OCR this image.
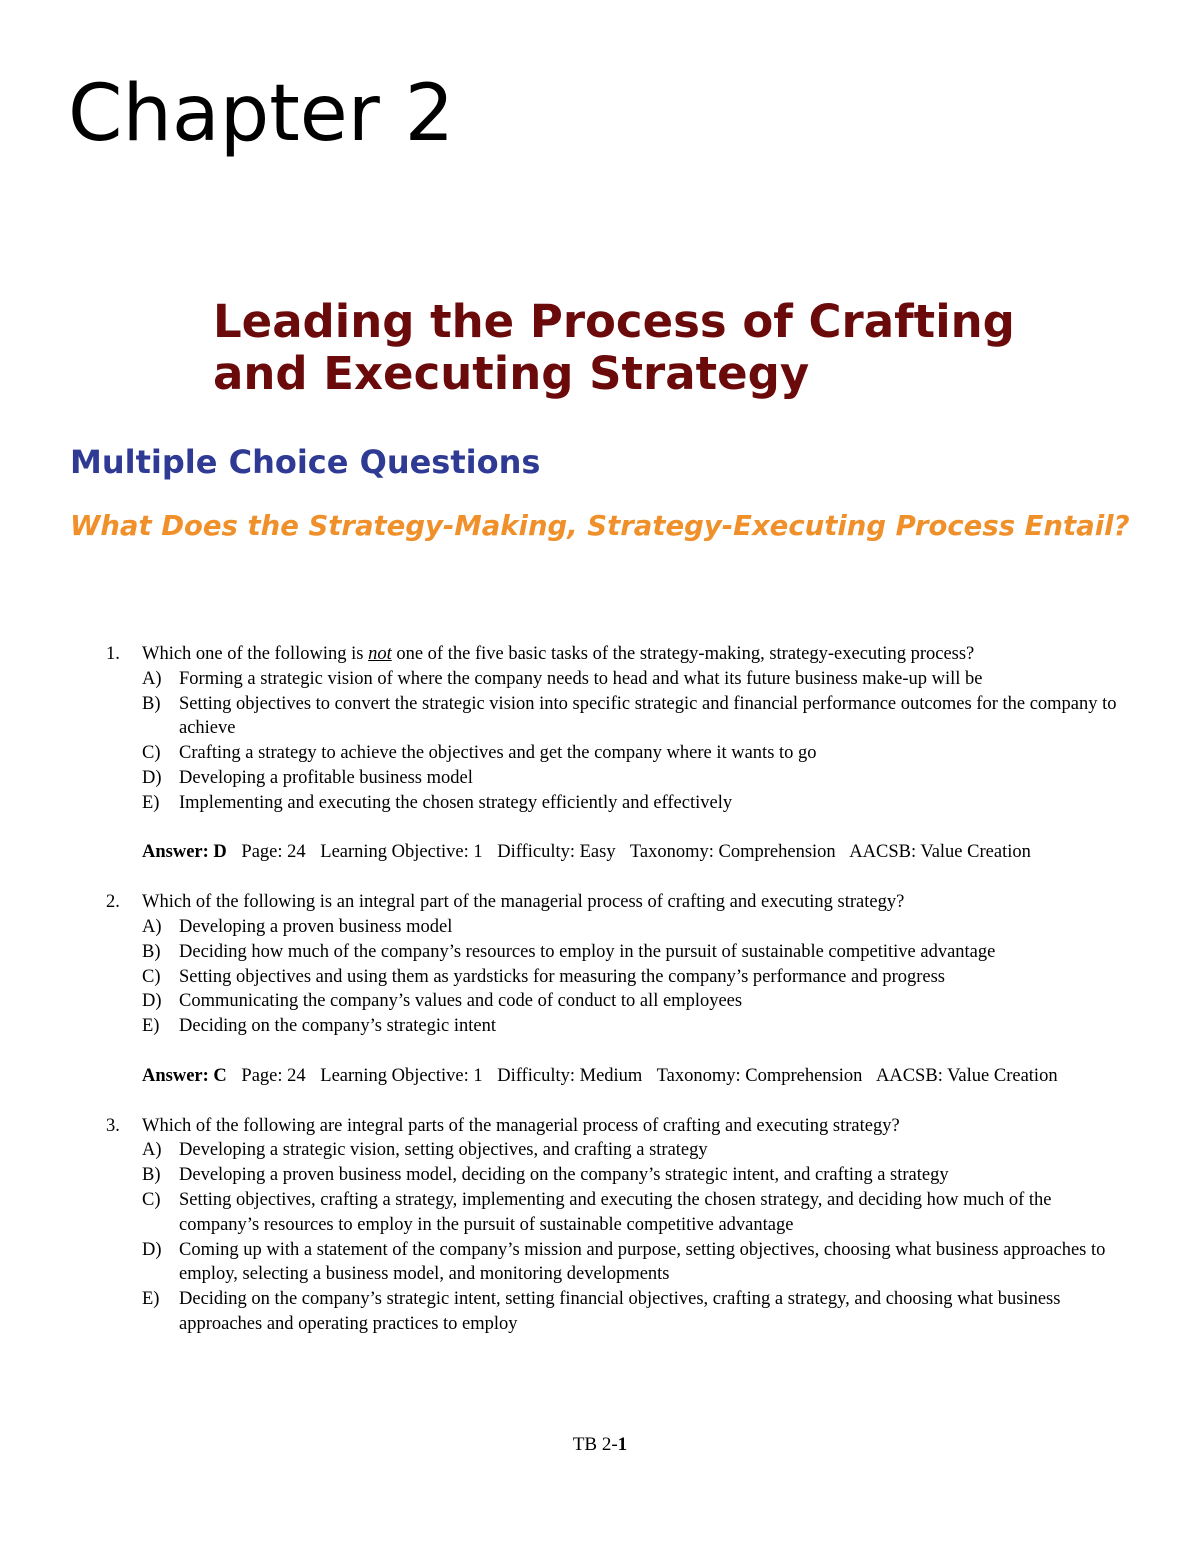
Chapter 2
Leading the Process of Crafting
and Executing Strategy
Multiple Choice Questions
What Does the Strategy-Making, Strategy-Executing Process Entail?
1.	Which one of the following is not one of the five basic tasks of the strategy-making, strategy-executing process?
A) Forming a strategic vision of where the company needs to head and what its future business make-up will be
B)	Setting objectives to convert the strategic vision into specific strategic and financial performance outcomes for the company to achieve
C)	Crafting a strategy to achieve the objectives and get the company where it wants to go
D) Developing a profitable business model
E)	Implementing and executing the chosen strategy efficiently and effectively
Answer: D Page: 24 Learning Objective: 1 Difficulty: Easy Taxonomy: Comprehension AACSB: Value Creation
2.	Which of the following is an integral part of the managerial process of crafting and executing strategy?
A) Developing a proven business model
B)	Deciding how much of the company’s resources to employ in the pursuit of sustainable competitive advantage
C)	Setting objectives and using them as yardsticks for measuring the company’s performance and progress
D) Communicating the company’s values and code of conduct to all employees
E)	Deciding on the company’s strategic intent
Answer: C Page: 24 Learning Objective: 1 Difficulty: Medium Taxonomy: Comprehension AACSB: Value Creation
3.	Which of the following are integral parts of the managerial process of crafting and executing strategy?
A) Developing a strategic vision, setting objectives, and crafting a strategy
B)	Developing a proven business model, deciding on the company’s strategic intent, and crafting a strategy
C)	Setting objectives, crafting a strategy, implementing and executing the chosen strategy, and deciding how much of the company’s resources to employ in the pursuit of sustainable competitive advantage
D) Coming up with a statement of the company’s mission and purpose, setting objectives, choosing what business approaches to employ, selecting a business model, and monitoring developments
E)	Deciding on the company’s strategic intent, setting financial objectives, crafting a strategy, and choosing what business approaches and operating practices to employ
TB 2-1
